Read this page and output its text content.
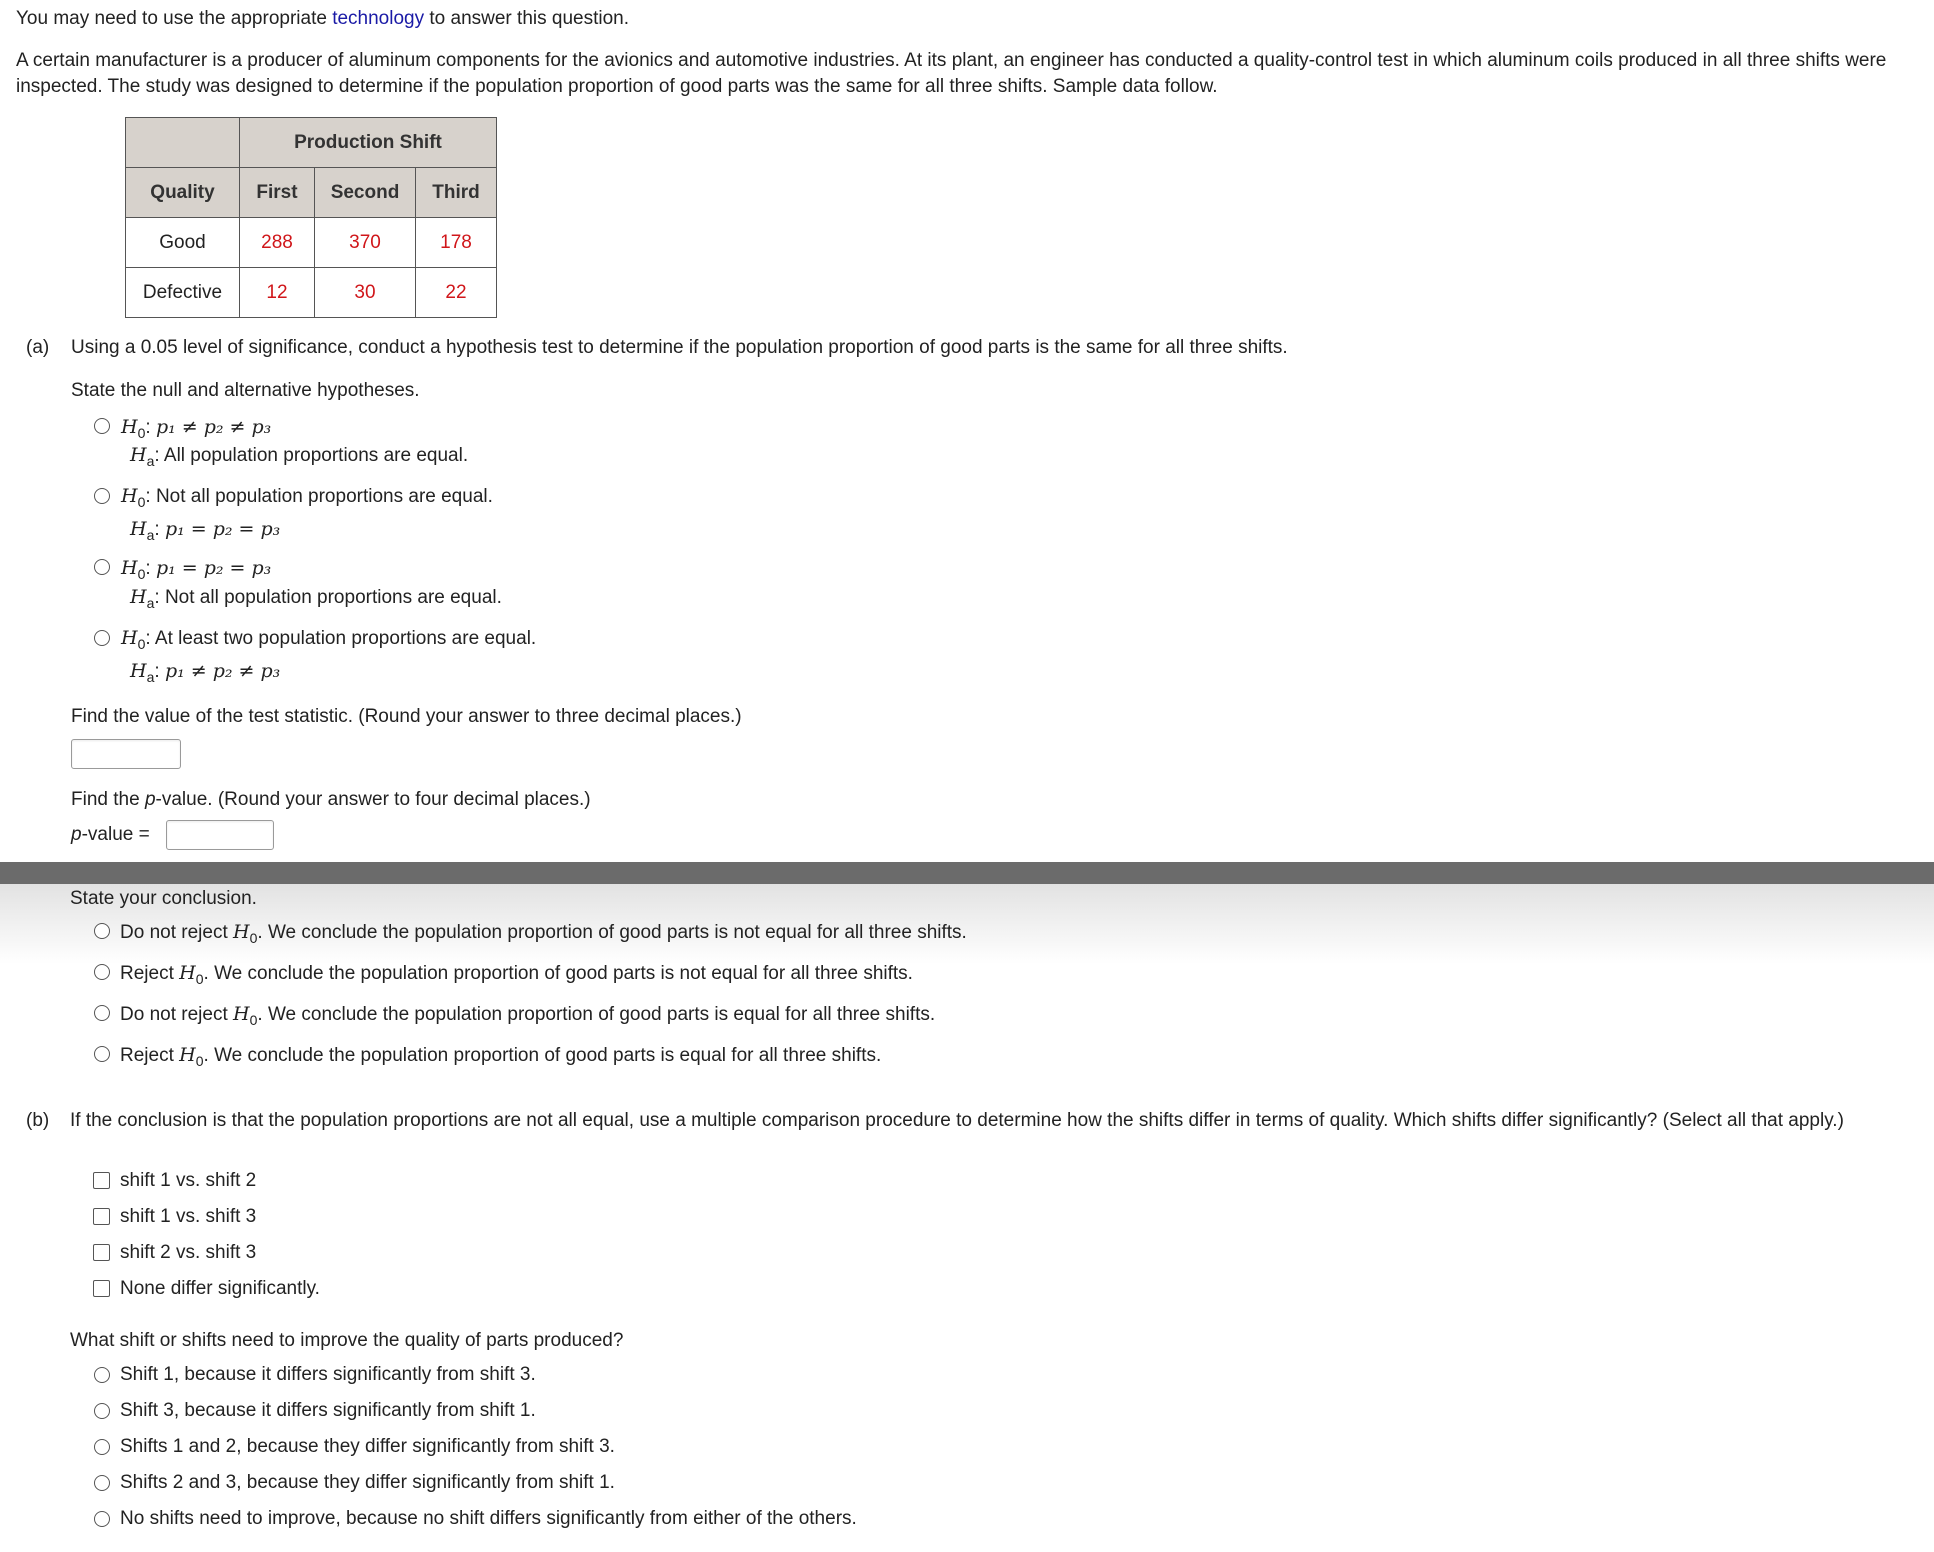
You may need to use the appropriate technology to answer this question.
A certain manufacturer is a producer of aluminum components for the avionics and automotive industries. At its plant, an engineer has conducted a quality-control test in which aluminum coils produced in all three shifts were inspected. The study was designed to determine if the population proportion of good parts was the same for all three shifts. Sample data follow.
	Production Shift		
Quality	First	Second	Third
Good	288	370	178
Defective	12	30	22
(a) Using a 0.05 level of significance, conduct a hypothesis test to determine if the population proportion of good parts is the same for all three shifts.
State the null and alternative hypotheses.
$H_0$: p₁ ≠ p₂ ≠ p₃
$H_a$: All population proportions are equal.
$H_0$: Not all population proportions are equal.
$H_a$: p₁ = p₂ = p₃
$H_0$: p₁ = p₂ = p₃
$H_a$: Not all population proportions are equal.
$H_0$: At least two population proportions are equal.
$H_a$: p₁ ≠ p₂ ≠ p₃
Find the value of the test statistic. (Round your answer to three decimal places.)
Find the p-value. (Round your answer to four decimal places.)
p-value =
State your conclusion.
Do not reject $H_0$. We conclude the population proportion of good parts is not equal for all three shifts.
Reject $H_0$. We conclude the population proportion of good parts is not equal for all three shifts.
Do not reject $H_0$. We conclude the population proportion of good parts is equal for all three shifts.
Reject $H_0$. We conclude the population proportion of good parts is equal for all three shifts.
(b) If the conclusion is that the population proportions are not all equal, use a multiple comparison procedure to determine how the shifts differ in terms of quality. Which shifts differ significantly? (Select all that apply.)
shift 1 vs. shift 2
shift 1 vs. shift 3
shift 2 vs. shift 3
None differ significantly.
What shift or shifts need to improve the quality of parts produced?
Shift 1, because it differs significantly from shift 3.
Shift 3, because it differs significantly from shift 1.
Shifts 1 and 2, because they differ significantly from shift 3.
Shifts 2 and 3, because they differ significantly from shift 1.
No shifts need to improve, because no shift differs significantly from either of the others.
